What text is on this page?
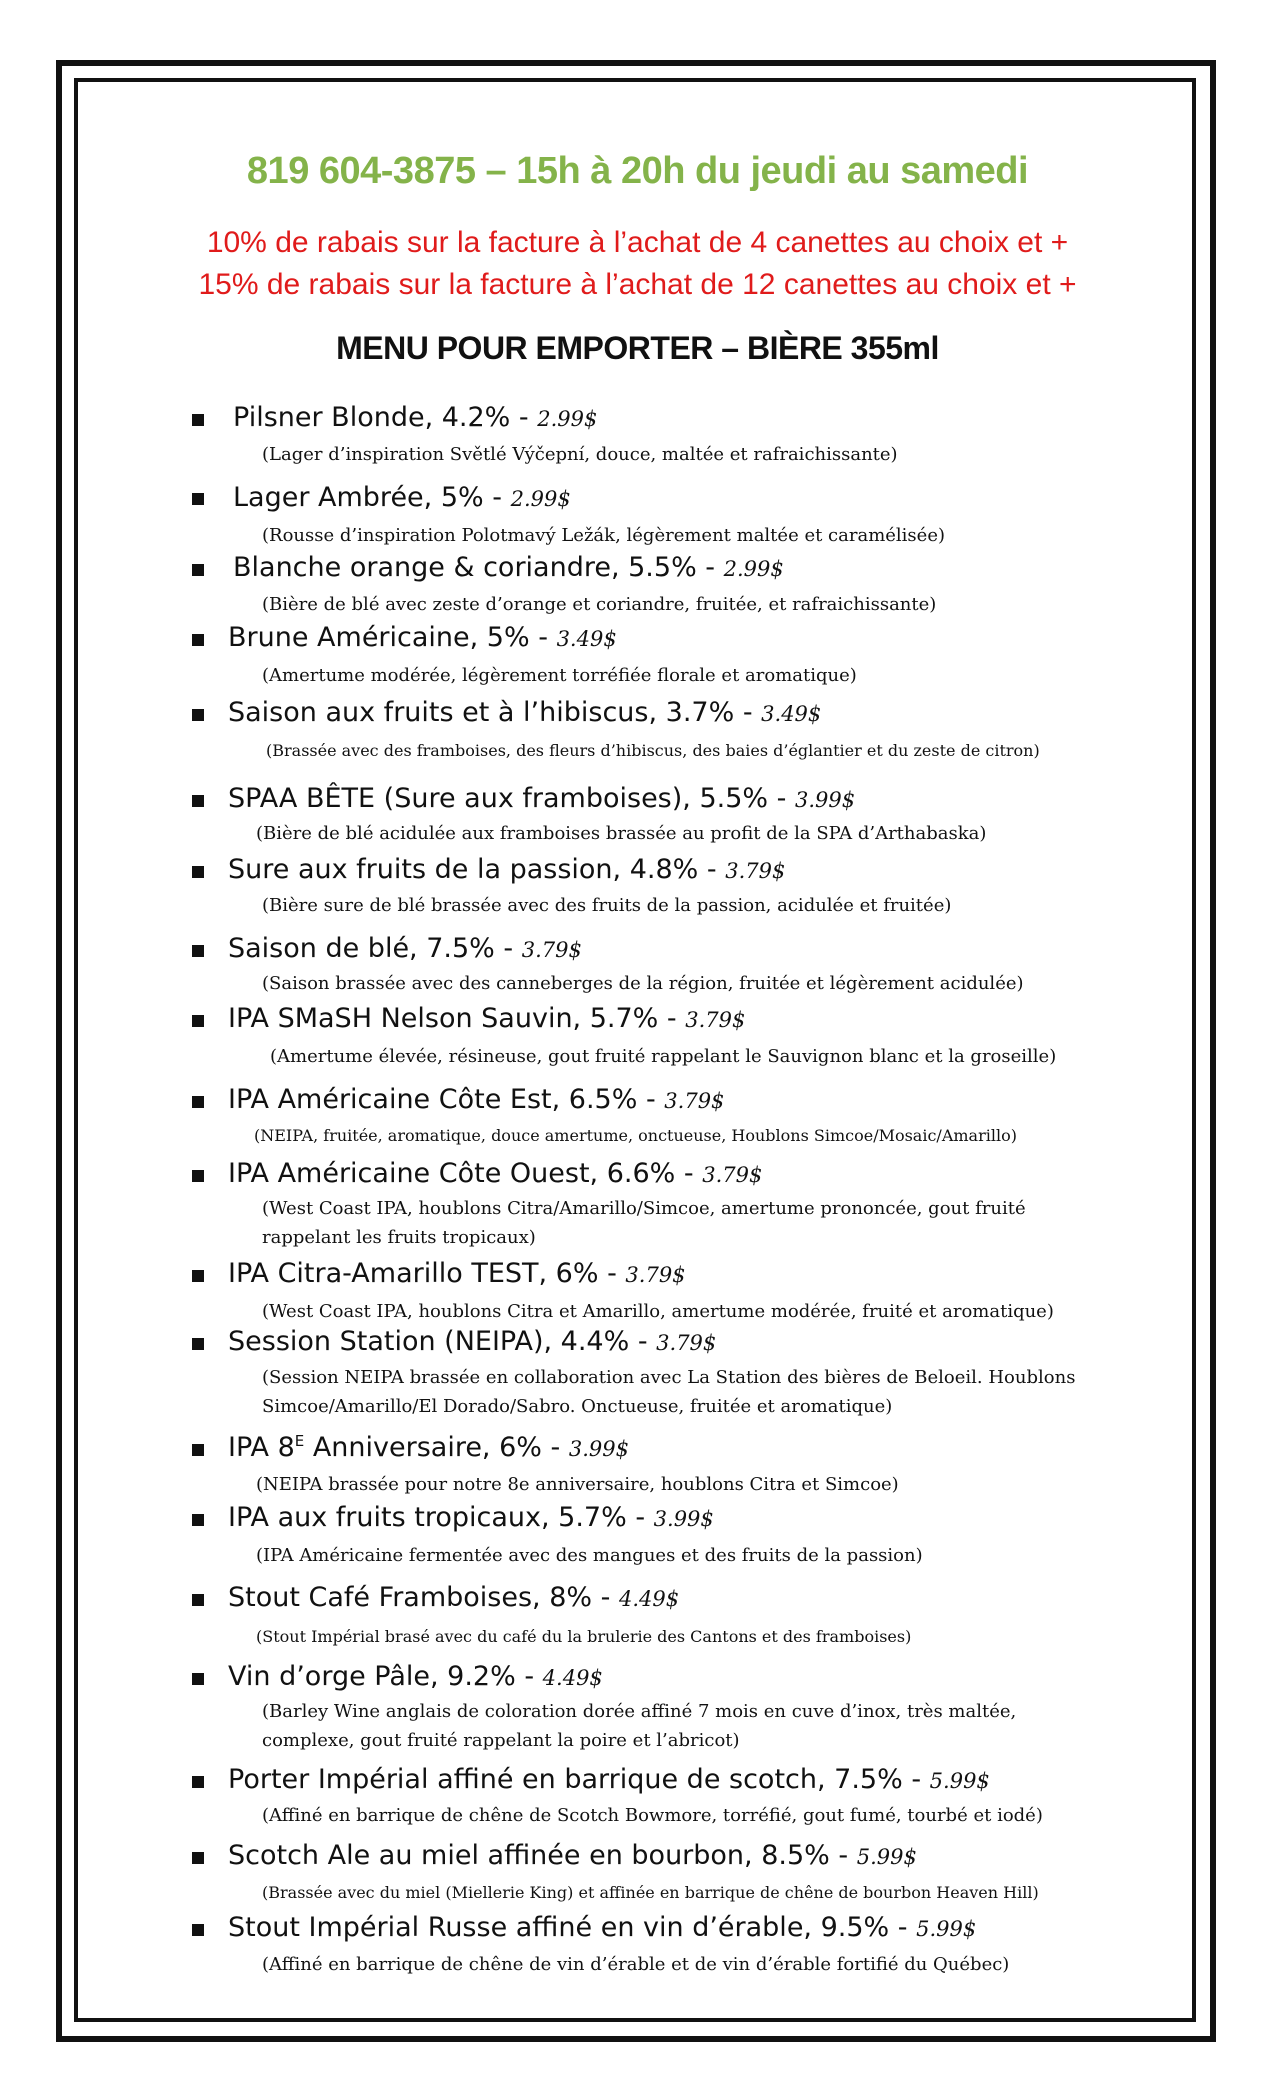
819 604-3875 – 15h à 20h du jeudi au samedi
10% de rabais sur la facture à l’achat de 4 canettes au choix et +
15% de rabais sur la facture à l’achat de 12 canettes au choix et +
MENU POUR EMPORTER – BIÈRE 355ml
Pilsner Blonde, 4.2% - 2.99$
(Lager d’inspiration Světlé Výčepní, douce, maltée et rafraichissante)
Lager Ambrée, 5% - 2.99$
(Rousse d’inspiration Polotmavý Ležák, légèrement maltée et caramélisée)
Blanche orange & coriandre, 5.5% - 2.99$
(Bière de blé avec zeste d’orange et coriandre, fruitée, et rafraichissante)
Brune Américaine, 5% - 3.49$
(Amertume modérée, légèrement torréfiée florale et aromatique)
Saison aux fruits et à l’hibiscus, 3.7% - 3.49$
(Brassée avec des framboises, des fleurs d’hibiscus, des baies d’églantier et du zeste de citron)
SPAA BÊTE (Sure aux framboises), 5.5% - 3.99$
(Bière de blé acidulée aux framboises brassée au profit de la SPA d’Arthabaska)
Sure aux fruits de la passion, 4.8% - 3.79$
(Bière sure de blé brassée avec des fruits de la passion, acidulée et fruitée)
Saison de blé, 7.5% - 3.79$
(Saison brassée avec des canneberges de la région, fruitée et légèrement acidulée)
IPA SMaSH Nelson Sauvin, 5.7% - 3.79$
(Amertume élevée, résineuse, gout fruité rappelant le Sauvignon blanc et la groseille)
IPA Américaine Côte Est, 6.5% - 3.79$
(NEIPA, fruitée, aromatique, douce amertume, onctueuse, Houblons Simcoe/Mosaic/Amarillo)
IPA Américaine Côte Ouest, 6.6% - 3.79$
(West Coast IPA, houblons Citra/Amarillo/Simcoe, amertume prononcée, gout fruité rappelant les fruits tropicaux)
IPA Citra-Amarillo TEST, 6% - 3.79$
(West Coast IPA, houblons Citra et Amarillo, amertume modérée, fruité et aromatique)
Session Station (NEIPA), 4.4% - 3.79$
(Session NEIPA brassée en collaboration avec La Station des bières de Beloeil. Houblons Simcoe/Amarillo/El Dorado/Sabro. Onctueuse, fruitée et aromatique)
IPA $8^E$ Anniversaire, 6% - 3.99$
(NEIPA brassée pour notre 8e anniversaire, houblons Citra et Simcoe)
IPA aux fruits tropicaux, 5.7% - 3.99$
(IPA Américaine fermentée avec des mangues et des fruits de la passion)
Stout Café Framboises, 8% - 4.49$
(Stout Impérial brasé avec du café du la brulerie des Cantons et des framboises)
Vin d’orge Pâle, 9.2% - 4.49$
(Barley Wine anglais de coloration dorée affiné 7 mois en cuve d’inox, très maltée, complexe, gout fruité rappelant la poire et l’abricot)
Porter Impérial affiné en barrique de scotch, 7.5% - 5.99$
(Affiné en barrique de chêne de Scotch Bowmore, torréfié, gout fumé, tourbé et iodé)
Scotch Ale au miel affinée en bourbon, 8.5% - 5.99$
(Brassée avec du miel (Miellerie King) et affinée en barrique de chêne de bourbon Heaven Hill)
Stout Impérial Russe affiné en vin d’érable, 9.5% - 5.99$
(Affiné en barrique de chêne de vin d’érable et de vin d’érable fortifié du Québec)
